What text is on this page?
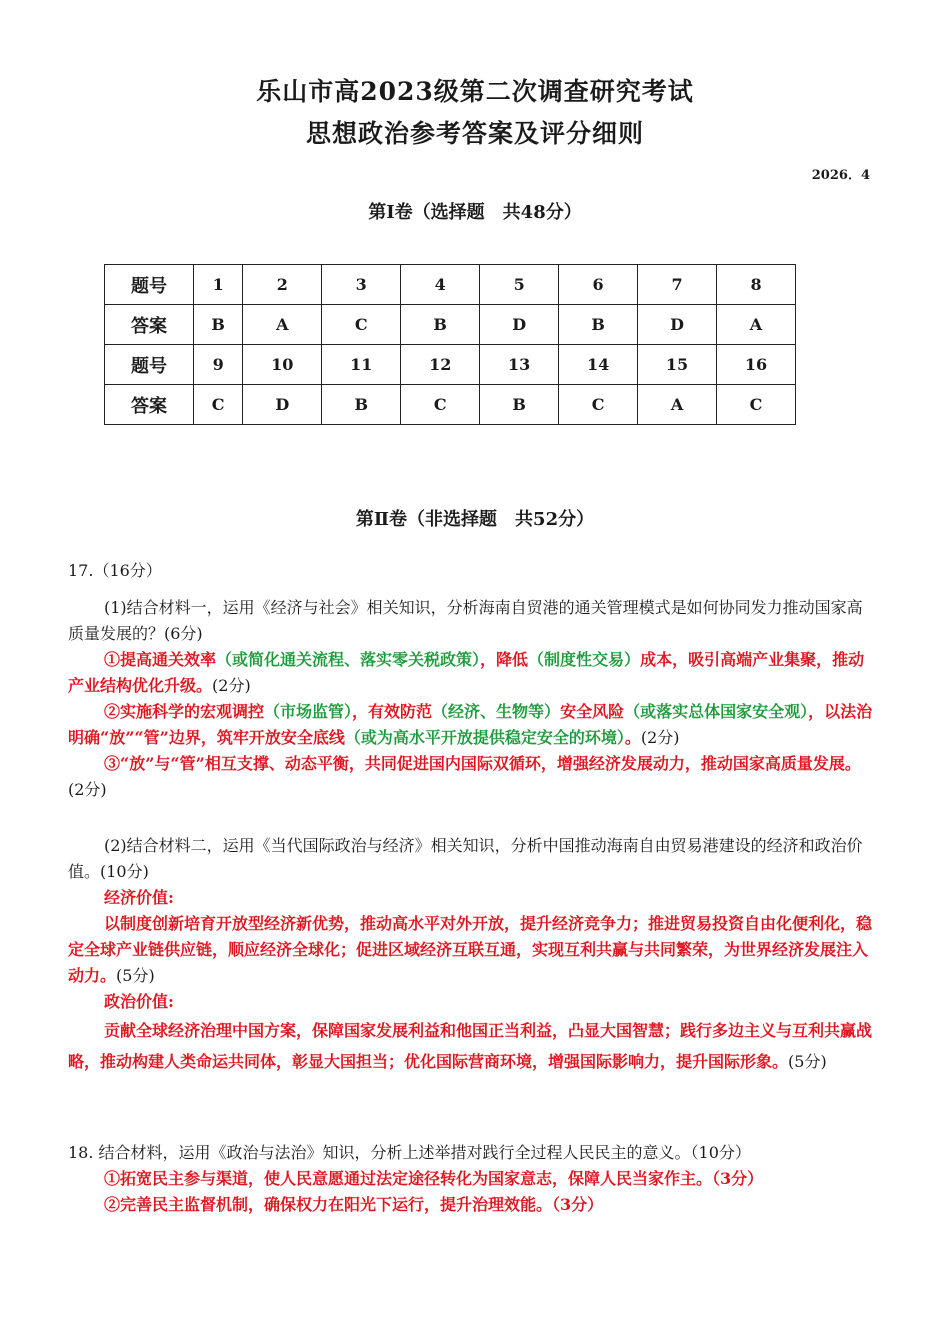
乐山市高2023级第二次调查研究考试
思想政治参考答案及评分细则
2026．4
第Ⅰ卷（选择题　共48分）
题号	1	2	3	4	5	6	7	8
答案	B	A	C	B	D	B	D	A
题号	9	10	11	12	13	14	15	16
答案	C	D	B	C	B	C	A	C
第Ⅱ卷（非选择题　共52分）

17.（16分）

(1)结合材料一，运用《经济与社会》相关知识，分析海南自贸港的通关管理模式是如何协同发力推动国家高质量发展的？(6分)

①提高通关效率（或简化通关流程、落实零关税政策），降低（制度性交易）成本，吸引高端产业集聚，推动产业结构优化升级。(2分)

②实施科学的宏观调控（市场监管），有效防范（经济、生物等）安全风险（或落实总体国家安全观），以法治明确“放”“管”边界，筑牢开放安全底线（或为高水平开放提供稳定安全的环境）。(2分)

③“放”与“管”相互支撑、动态平衡，共同促进国内国际双循环，增强经济发展动力，推动国家高质量发展。(2分)

(2)结合材料二，运用《当代国际政治与经济》相关知识，分析中国推动海南自由贸易港建设的经济和政治价值。(10分)

经济价值:

以制度创新培育开放型经济新优势，推动高水平对外开放，提升经济竞争力；推进贸易投资自由化便利化，稳定全球产业链供应链，顺应经济全球化；促进区域经济互联互通，实现互利共赢与共同繁荣，为世界经济发展注入动力。(5分)

政治价值:

贡献全球经济治理中国方案，保障国家发展利益和他国正当利益，凸显大国智慧；践行多边主义与互利共赢战略，推动构建人类命运共同体，彰显大国担当；优化国际营商环境，增强国际影响力，提升国际形象。(5分)

18. 结合材料，运用《政治与法治》知识，分析上述举措对践行全过程人民民主的意义。（10分）

①拓宽民主参与渠道，使人民意愿通过法定途径转化为国家意志，保障人民当家作主。（3分）

②完善民主监督机制，确保权力在阳光下运行，提升治理效能。（3分）
